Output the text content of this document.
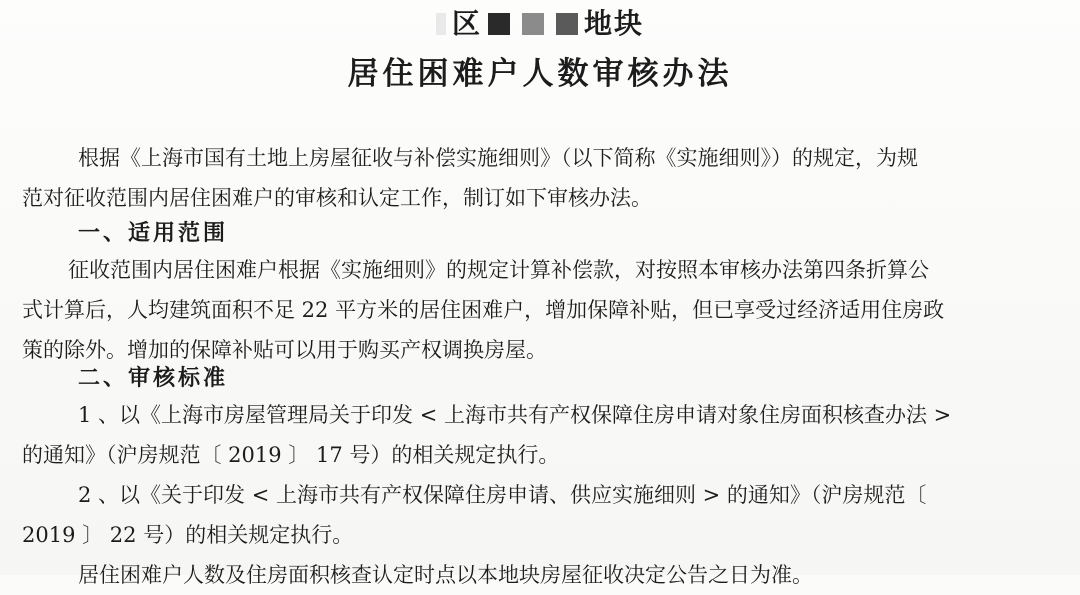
区	地块
居住困难户人数审核办法
根据《上海市国有土地上房屋征收与补偿实施细则》（以下简称《实施细则》）的规定，为规
范对征收范围内居住困难户的审核和认定工作，制订如下审核办法。
一、适用范围
征收范围内居住困难户根据《实施细则》的规定计算补偿款，对按照本审核办法第四条折算公
式计算后，人均建筑面积不足 22 平方米的居住困难户，增加保障补贴，但已享受过经济适用住房政
策的除外。增加的保障补贴可以用于购买产权调换房屋。
二、审核标准
1 、以《上海市房屋管理局关于印发 < 上海市共有产权保障住房申请对象住房面积核查办法 >
的通知》（沪房规范〔 2019 〕 17 号）的相关规定执行。
2 、以《关于印发 < 上海市共有产权保障住房申请、供应实施细则 > 的通知》（沪房规范〔
2019 〕 22 号）的相关规定执行。
居住困难户人数及住房面积核查认定时点以本地块房屋征收决定公告之日为准。
